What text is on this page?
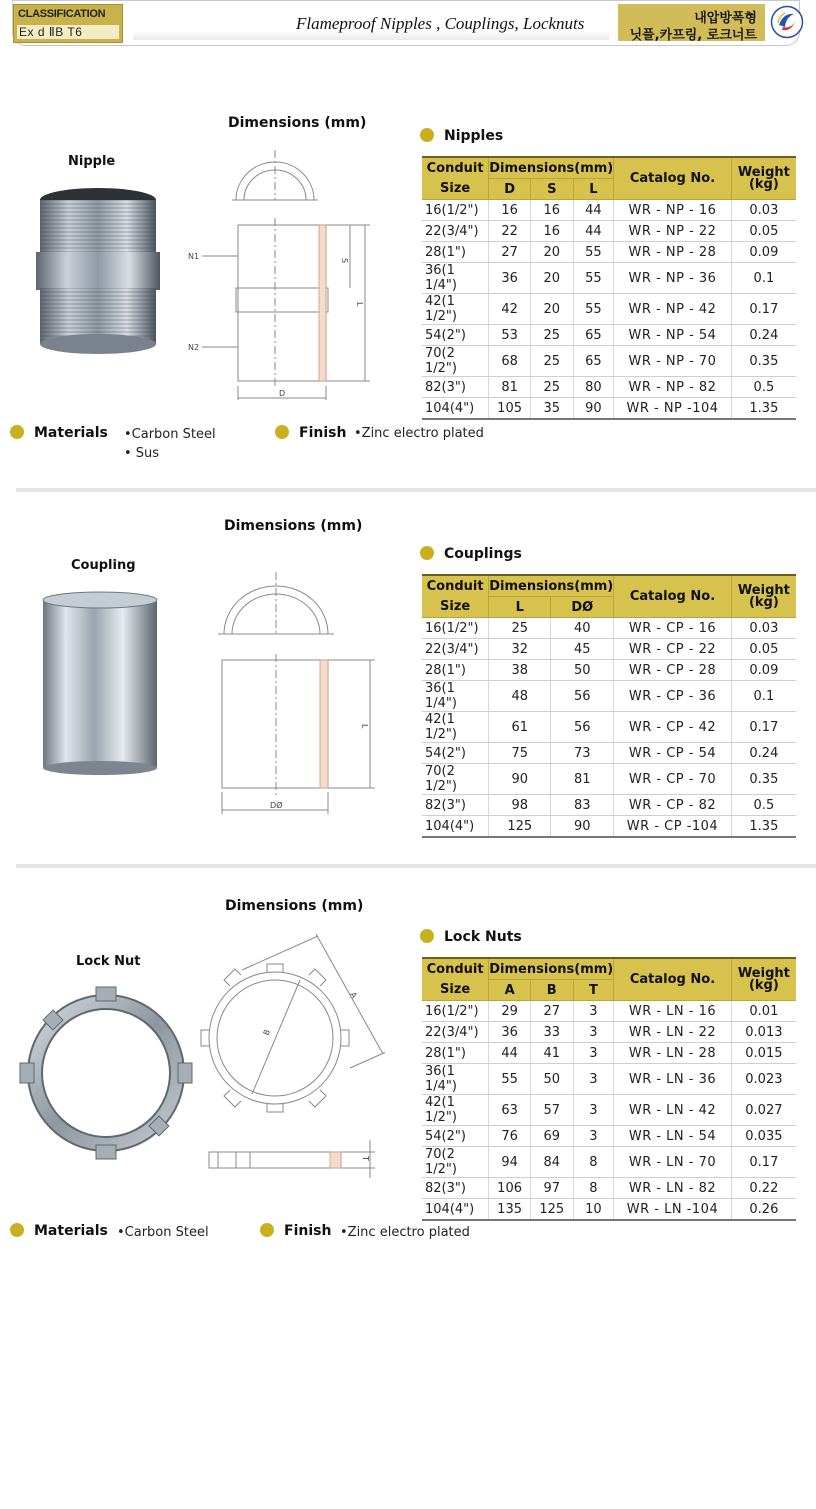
CLASSIFICATION
Ex d ⅡB T6	Flameproof Nipples , Couplings, Locknuts	내압방폭형
닛플,카프링, 로크너트
Dimensions (mm)
Nipple
N1
N2
S
L
D
Nipples
Conduit	Dimensions(mm)			Catalog No.	Weight
(kg)

Size	D	S	L		
16(1/2")	16	16	44	WR - NP - 16	0.03
22(3/4")	22	16	44	WR - NP - 22	0.05
28(1")	27	20	55	WR - NP - 28	0.09
36(1 1/4")	36	20	55	WR - NP - 36	0.1
42(1 1/2")	42	20	55	WR - NP - 42	0.17
54(2")	53	25	65	WR - NP - 54	0.24
70(2 1/2")	68	25	65	WR - NP - 70	0.35
82(3")	81	25	80	WR - NP - 82	0.5
104(4")	105	35	90	WR - NP -104	1.35
Materials •Carbon Steel
• Sus
Finish •Zinc electro plated
Dimensions (mm)
Coupling
L
DØ
Couplings
Conduit	Dimensions(mm)		Catalog No.	Weight
(kg)

Size	L	DØ		
16(1/2")	25	40	WR - CP - 16	0.03
22(3/4")	32	45	WR - CP - 22	0.05
28(1")	38	50	WR - CP - 28	0.09
36(1 1/4")	48	56	WR - CP - 36	0.1
42(1 1/2")	61	56	WR - CP - 42	0.17
54(2")	75	73	WR - CP - 54	0.24
70(2 1/2")	90	81	WR - CP - 70	0.35
82(3")	98	83	WR - CP - 82	0.5
104(4")	125	90	WR - CP -104	1.35
Dimensions (mm)
Lock Nut
A
B
T
Lock Nuts
Conduit	Dimensions(mm)			Catalog No.	Weight
(kg)

Size	A	B	T		
16(1/2")	29	27	3	WR - LN - 16	0.01
22(3/4")	36	33	3	WR - LN - 22	0.013
28(1")	44	41	3	WR - LN - 28	0.015
36(1 1/4")	55	50	3	WR - LN - 36	0.023
42(1 1/2")	63	57	3	WR - LN - 42	0.027
54(2")	76	69	3	WR - LN - 54	0.035
70(2 1/2")	94	84	8	WR - LN - 70	0.17
82(3")	106	97	8	WR - LN - 82	0.22
104(4")	135	125	10	WR - LN -104	0.26
Materials •Carbon Steel	Finish •Zinc electro plated
